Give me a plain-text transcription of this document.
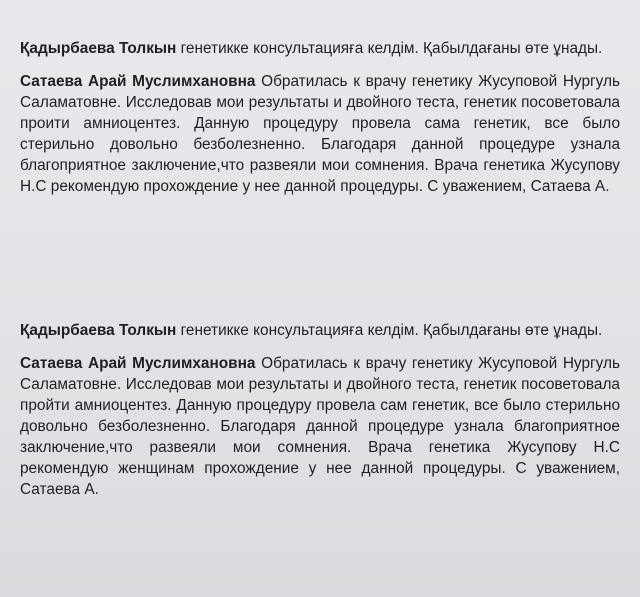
Қадырбаева Толкын генетикке консультацияға келдім. Қабылдағаны өте ұнады.

Сатаева Арай Муслимхановна Обратилась к врачу генетику Жусуповой Нургуль Саламатовне. Исследовав мои результаты и двойного теста, генетик посоветовала проити амниоцентез. Данную процедуру провела сама генетик, все было стерильно довольно безболезненно. Благодаря данной процедуре узнала благоприятное заключение,что развеяли мои сомнения. Врача генетика Жусупову Н.С рекомендую прохождение у нее данной процедуры. С уважением, Сатаева А.

Қадырбаева Толкын генетикке консультацияға келдім. Қабылдағаны өте ұнады.

Сатаева Арай Муслимхановна Обратилась к врачу генетику Жусуповой Нургуль Саламатовне. Исследовав мои результаты и двойного теста, генетик посоветовала пройти амниоцентез. Данную процедуру провела сам генетик, все было стерильно довольно безболезненно. Благодаря данной процедуре узнала благоприятное заключение,что развеяли мои сомнения. Врача генетика Жусупову Н.С рекомендую женщинам прохождение у нее данной процедуры. С уважением, Сатаева А.
